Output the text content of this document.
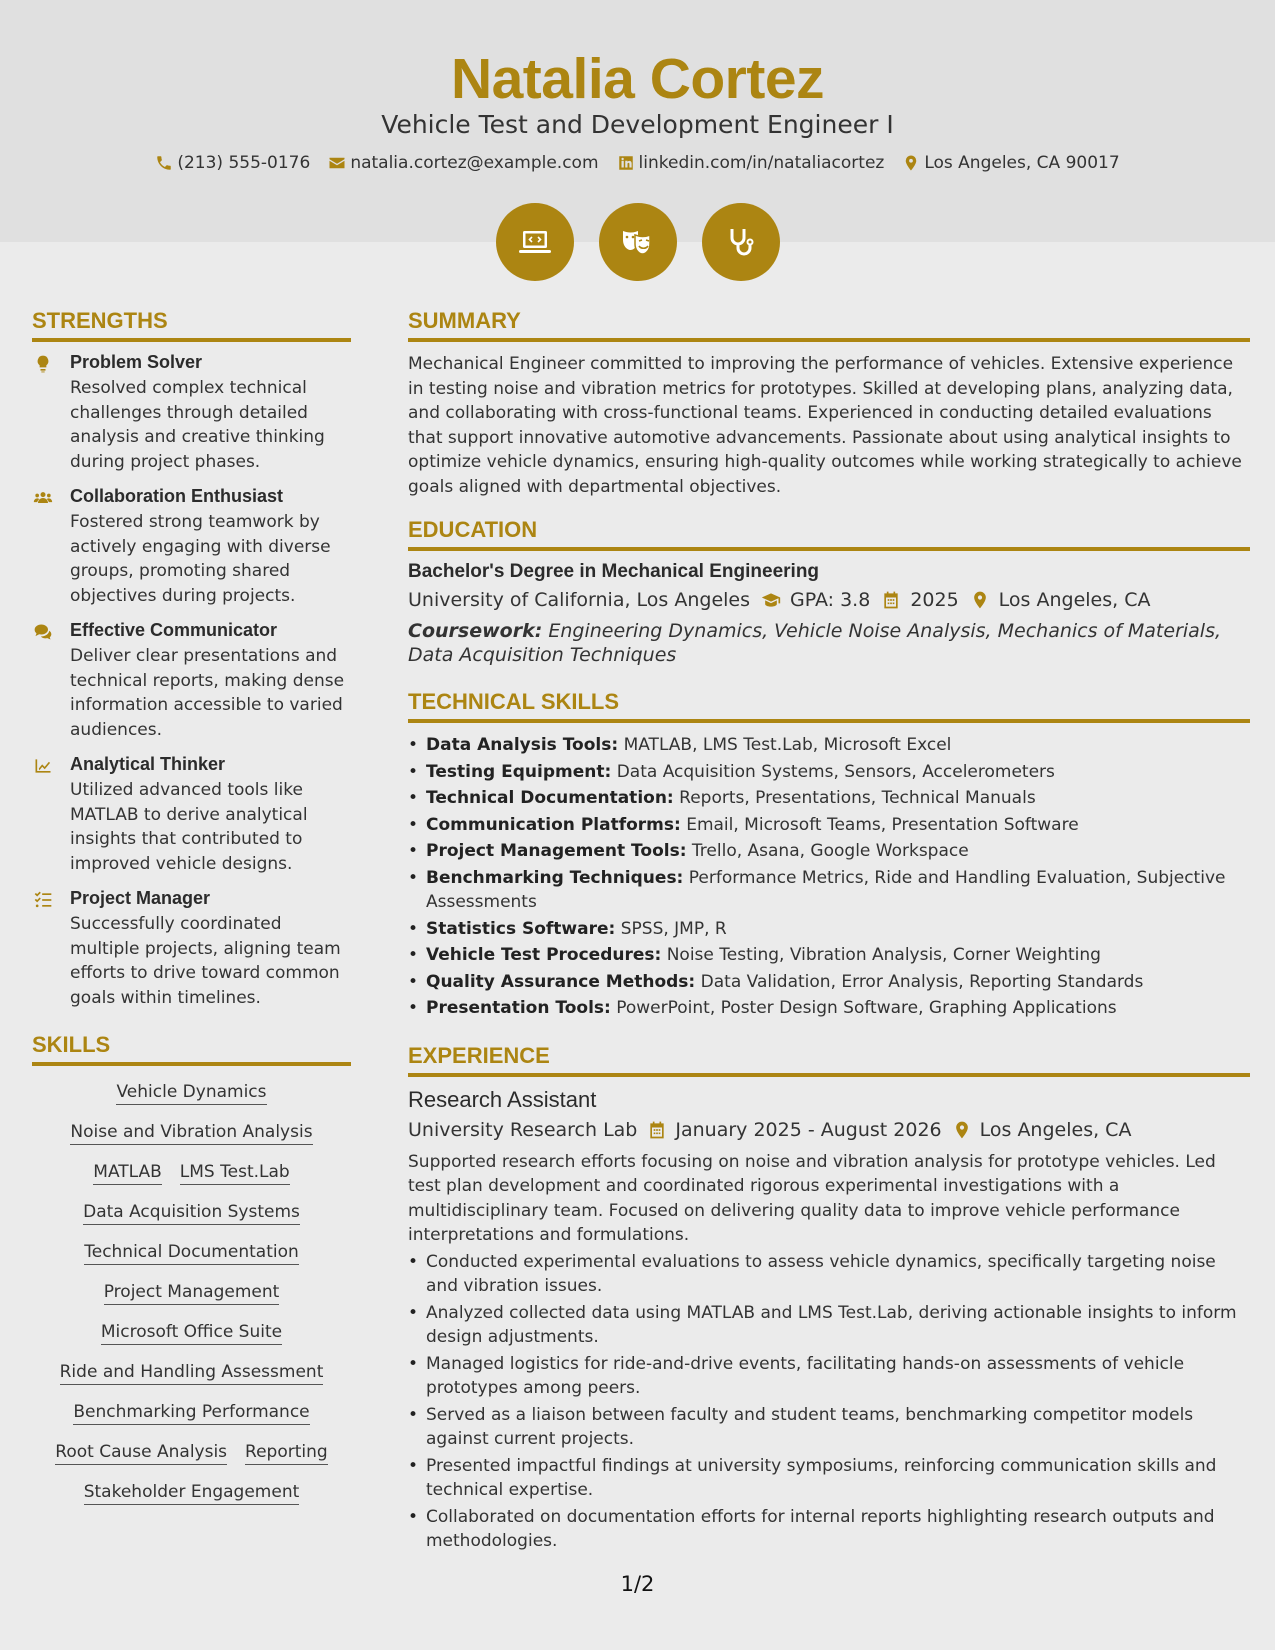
Natalia Cortez
Vehicle Test and Development Engineer I
(213) 555-0176 natalia.cortez@example.com linkedin.com/in/nataliacortez Los Angeles, CA 90017
STRENGTHS
Problem Solver

Resolved complex technical challenges through detailed analysis and creative thinking during project phases.

Collaboration Enthusiast

Fostered strong teamwork by actively engaging with diverse groups, promoting shared objectives during projects.

Effective Communicator

Deliver clear presentations and technical reports, making dense information accessible to varied audiences.

Analytical Thinker

Utilized advanced tools like MATLAB to derive analytical insights that contributed to improved vehicle designs.

Project Manager

Successfully coordinated multiple projects, aligning team efforts to drive toward common goals within timelines.

SKILLS
Vehicle Dynamics
Noise and Vibration Analysis
MATLAB LMS Test.Lab
Data Acquisition Systems
Technical Documentation
Project Management
Microsoft Office Suite
Ride and Handling Assessment
Benchmarking Performance
Root Cause Analysis Reporting
Stakeholder Engagement
SUMMARY

Mechanical Engineer committed to improving the performance of vehicles. Extensive experience in testing noise and vibration metrics for prototypes. Skilled at developing plans, analyzing data, and collaborating with cross-functional teams. Experienced in conducting detailed evaluations that support innovative automotive advancements. Passionate about using analytical insights to optimize vehicle dynamics, ensuring high-quality outcomes while working strategically to achieve goals aligned with departmental objectives.

EDUCATION
Bachelor's Degree in Mechanical Engineering
University of California, Los Angeles GPA: 3.8 2025 Los Angeles, CA

Coursework: Engineering Dynamics, Vehicle Noise Analysis, Mechanics of Materials, Data Acquisition Techniques

TECHNICAL SKILLS
• Data Analysis Tools: MATLAB, LMS Test.Lab, Microsoft Excel
• Testing Equipment: Data Acquisition Systems, Sensors, Accelerometers
• Technical Documentation: Reports, Presentations, Technical Manuals
• Communication Platforms: Email, Microsoft Teams, Presentation Software
• Project Management Tools: Trello, Asana, Google Workspace
• Benchmarking Techniques: Performance Metrics, Ride and Handling Evaluation, Subjective Assessments
• Statistics Software: SPSS, JMP, R
• Vehicle Test Procedures: Noise Testing, Vibration Analysis, Corner Weighting
• Quality Assurance Methods: Data Validation, Error Analysis, Reporting Standards
• Presentation Tools: PowerPoint, Poster Design Software, Graphing Applications
EXPERIENCE
Research Assistant
University Research Lab January 2025 - August 2026 Los Angeles, CA

Supported research efforts focusing on noise and vibration analysis for prototype vehicles. Led test plan development and coordinated rigorous experimental investigations with a multidisciplinary team. Focused on delivering quality data to improve vehicle performance interpretations and formulations.

• Conducted experimental evaluations to assess vehicle dynamics, specifically targeting noise and vibration issues.
• Analyzed collected data using MATLAB and LMS Test.Lab, deriving actionable insights to inform design adjustments.
• Managed logistics for ride-and-drive events, facilitating hands-on assessments of vehicle prototypes among peers.
• Served as a liaison between faculty and student teams, benchmarking competitor models against current projects.
• Presented impactful findings at university symposiums, reinforcing communication skills and technical expertise.
• Collaborated on documentation efforts for internal reports highlighting research outputs and methodologies.
1/2
